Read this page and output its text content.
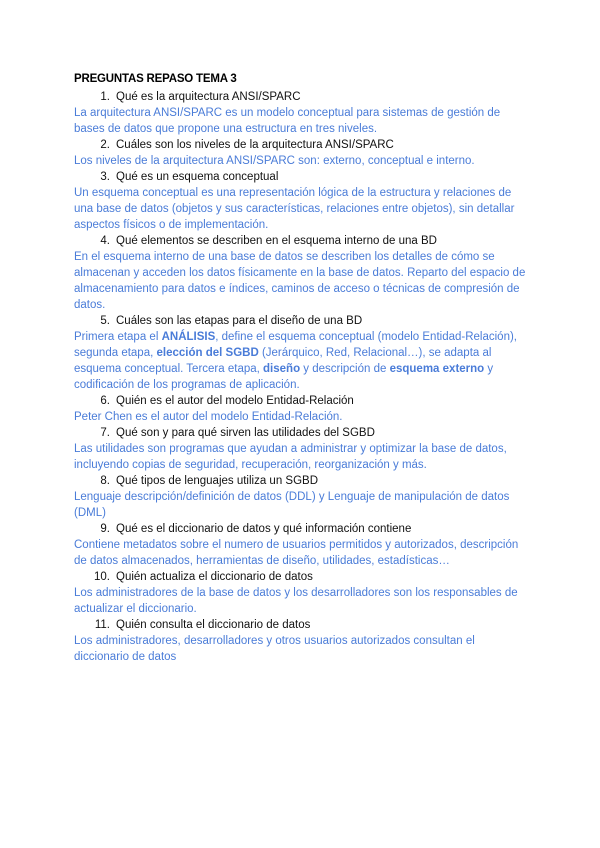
PREGUNTAS REPASO TEMA 3
1. Qué es la arquitectura ANSI/SPARC
La arquitectura ANSI/SPARC es un modelo conceptual para sistemas de gestión de bases de datos que propone una estructura en tres niveles.
2. Cuáles son los niveles de la arquitectura ANSI/SPARC
Los niveles de la arquitectura ANSI/SPARC son: externo, conceptual e interno.
3. Qué es un esquema conceptual
Un esquema conceptual es una representación lógica de la estructura y relaciones de una base de datos (objetos y sus características, relaciones entre objetos), sin detallar aspectos físicos o de implementación.
4. Qué elementos se describen en el esquema interno de una BD
En el esquema interno de una base de datos se describen los detalles de cómo se almacenan y acceden los datos físicamente en la base de datos. Reparto del espacio de almacenamiento para datos e índices, caminos de acceso o técnicas de compresión de datos.
5. Cuáles son las etapas para el diseño de una BD
Primera etapa el ANÁLISIS, define el esquema conceptual (modelo Entidad-Relación), segunda etapa, elección del SGBD (Jerárquico, Red, Relacional…), se adapta al esquema conceptual. Tercera etapa, diseño y descripción de esquema externo y codificación de los programas de aplicación.
6. Quién es el autor del modelo Entidad-Relación
Peter Chen es el autor del modelo Entidad-Relación.
7. Qué son y para qué sirven las utilidades del SGBD
Las utilidades son programas que ayudan a administrar y optimizar la base de datos, incluyendo copias de seguridad, recuperación, reorganización y más.
8. Qué tipos de lenguajes utiliza un SGBD
Lenguaje descripción/definición de datos (DDL) y Lenguaje de manipulación de datos (DML)
9. Qué es el diccionario de datos y qué información contiene
Contiene metadatos sobre el numero de usuarios permitidos y autorizados, descripción de datos almacenados, herramientas de diseño, utilidades, estadísticas…
10. Quién actualiza el diccionario de datos
Los administradores de la base de datos y los desarrolladores son los responsables de actualizar el diccionario.
11. Quién consulta el diccionario de datos
Los administradores, desarrolladores y otros usuarios autorizados consultan el diccionario de datos
